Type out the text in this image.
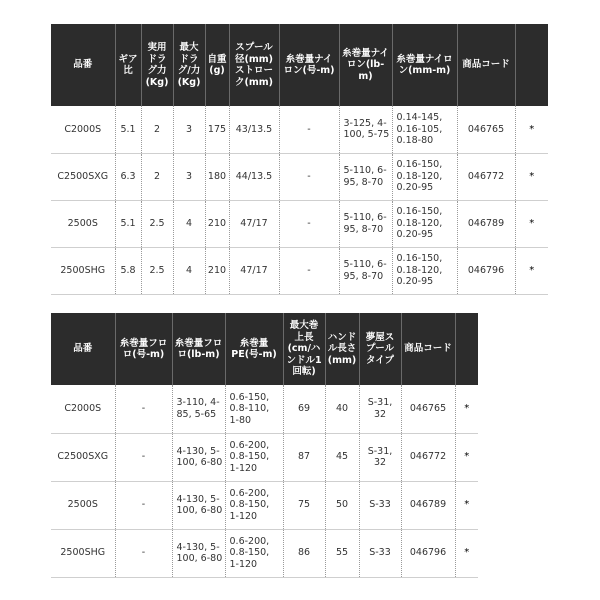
品番	ギア比	実用ドラグ力(Kg)	最大ドラグ/力(Kg)	自重(g)	スプール径(mm)ストローク(mm)	糸巻量ナイロン(号-m)	糸巻量ナイロン(lb-m)	糸巻量ナイロン(mm-m)	商品コード	
C2000S	5.1	2	3	175	43/13.5	-	3-125, 4-100, 5-75	0.14-145, 0.16-105, 0.18-80	046765	*
C2500SXG	6.3	2	3	180	44/13.5	-	5-110, 6-95, 8-70	0.16-150, 0.18-120, 0.20-95	046772	*
2500S	5.1	2.5	4	210	47/17	-	5-110, 6-95, 8-70	0.16-150, 0.18-120, 0.20-95	046789	*
2500SHG	5.8	2.5	4	210	47/17	-	5-110, 6-95, 8-70	0.16-150, 0.18-120, 0.20-95	046796	*
品番	糸巻量フロロ(号-m)	糸巻量フロロ(lb-m)	糸巻量PE(号-m)	最大巻上長(cm/ハンドル1回転)	ハンドル長さ(mm)	夢屋スプールタイプ	商品コード	
C2000S	-	3-110, 4-85, 5-65	0.6-150, 0.8-110, 1-80	69	40	S-31, 32	046765	*
C2500SXG	-	4-130, 5-100, 6-80	0.6-200, 0.8-150, 1-120	87	45	S-31, 32	046772	*
2500S	-	4-130, 5-100, 6-80	0.6-200, 0.8-150, 1-120	75	50	S-33	046789	*
2500SHG	-	4-130, 5-100, 6-80	0.6-200, 0.8-150, 1-120	86	55	S-33	046796	*
